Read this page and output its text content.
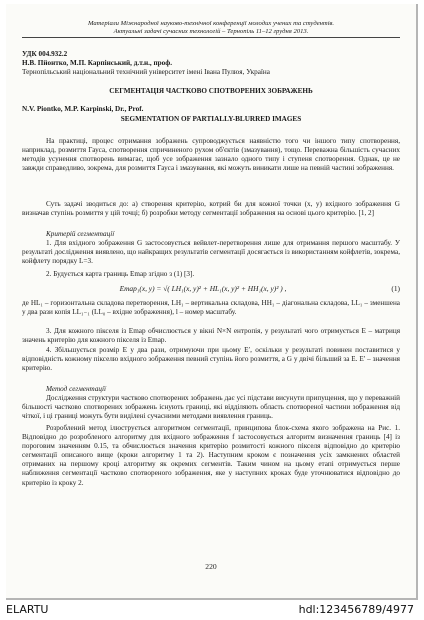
Матеріали Міжнародної науково-технічної конференції молодих учених та студентів.
Актуальні задачі сучасних технологій – Тернопіль 11–12 грудня 2013.
УДК 004.932.2
Н.В. Пйонтко, М.П. Карпінський, д.т.н., проф.
Тернопільський національний технічний університет імені Івана Пулюя, Україна
СЕГМЕНТАЦІЯ ЧАСТКОВО СПОТВОРЕНИХ ЗОБРАЖЕНЬ
N.V. Piontko, M.P. Karpinski, Dr., Prof.
SEGMENTATION OF PARTIALLY-BLURRED IMAGES
На практиці, процес отримання зображень супроводжується наявністю того чи іншого типу спотворення, наприклад, розмиття Гауса, спотворення спричиненого рухом об'єктів (змазування), тощо. Переважна більшість сучасних методів усунення спотворень вимагає, щоб усе зображення зазнало одного типу і ступеня спотворення. Однак, це не завжди справедливо, зокрема, для розмиття Гауса і змазування, які можуть виникати лише на певній частині зображення.
Суть задачі зводиться до: а) створення критерію, котрий би для кожної точки (x, y) вхідного зображення G визначав ступінь розмиття у цій точці; б) розробки методу сегментації зображення на основі цього критерію. [1, 2]
Критерій сегментації
1. Для вхідного зображення G застосовується вейвлет-перетворення лише для отримання першого масштабу. У результаті дослідження виявлено, що найкращих результатів сегментації досягається із використанням койфлетів, зокрема, койфлету порядку L=3.
2. Будується карта границь Emap згідно з (1) [3].
Emap₁(x, y) = √( LH₁(x, y)² + HL₁(x, y)² + HH₁(x, y)² ) ,	(1)
де HL₁ – горизонтальна складова перетворення, LH₁ – вертикальна складова, HH₁ – діагональна складова, LL₁ – зменшена у два рази копія LL₁₋₁ (LL₀ – вхідне зображення), l – номер масштабу.
3. Для кожного пікселя із Emap обчислюється у вікні N×N ентропія, у результаті чого отримується E – матриця значень критерію для кожного пікселя із Emap.
4. Збільшується розмір E у два рази, отримуючи при цьому E′, оскільки у результаті повинен поставитися у відповідність кожному пікселю вхідного зображення певний ступінь його розмиття, а G у двічі більший за E. E′ – значення критерію.
Метод сегментації
Дослідження структури частково спотворених зображень дає усі підстави висунути припущення, що у переважній більшості частково спотворених зображень існують границі, які відділяють область спотвореної частини зображення від чіткої, і ці границі можуть бути виділені сучасними методами виявлення границь.
Розроблений метод ілюструється алгоритмом сегментації, принципова блок-схема якого зображена на Рис. 1. Відповідно до розробленого алгоритму для вхідного зображення f застосовується алгоритм визначення границь [4] із пороговим значенням 0.15, та обчислюється значення критерію розмитості кожного пікселя відповідно до критерію сегментації описаного вище (кроки алгоритму 1 та 2). Наступним кроком є позначення усіх замкнених областей отриманих на першому кроці алгоритму як окремих сегментів. Таким чином на цьому етапі отримується перше наближення сегментації частково спотвореного зображення, яке у наступних кроках буде уточнюватися відповідно до критерію із кроку 2.
220
ELARTU	hdl:123456789/4977
